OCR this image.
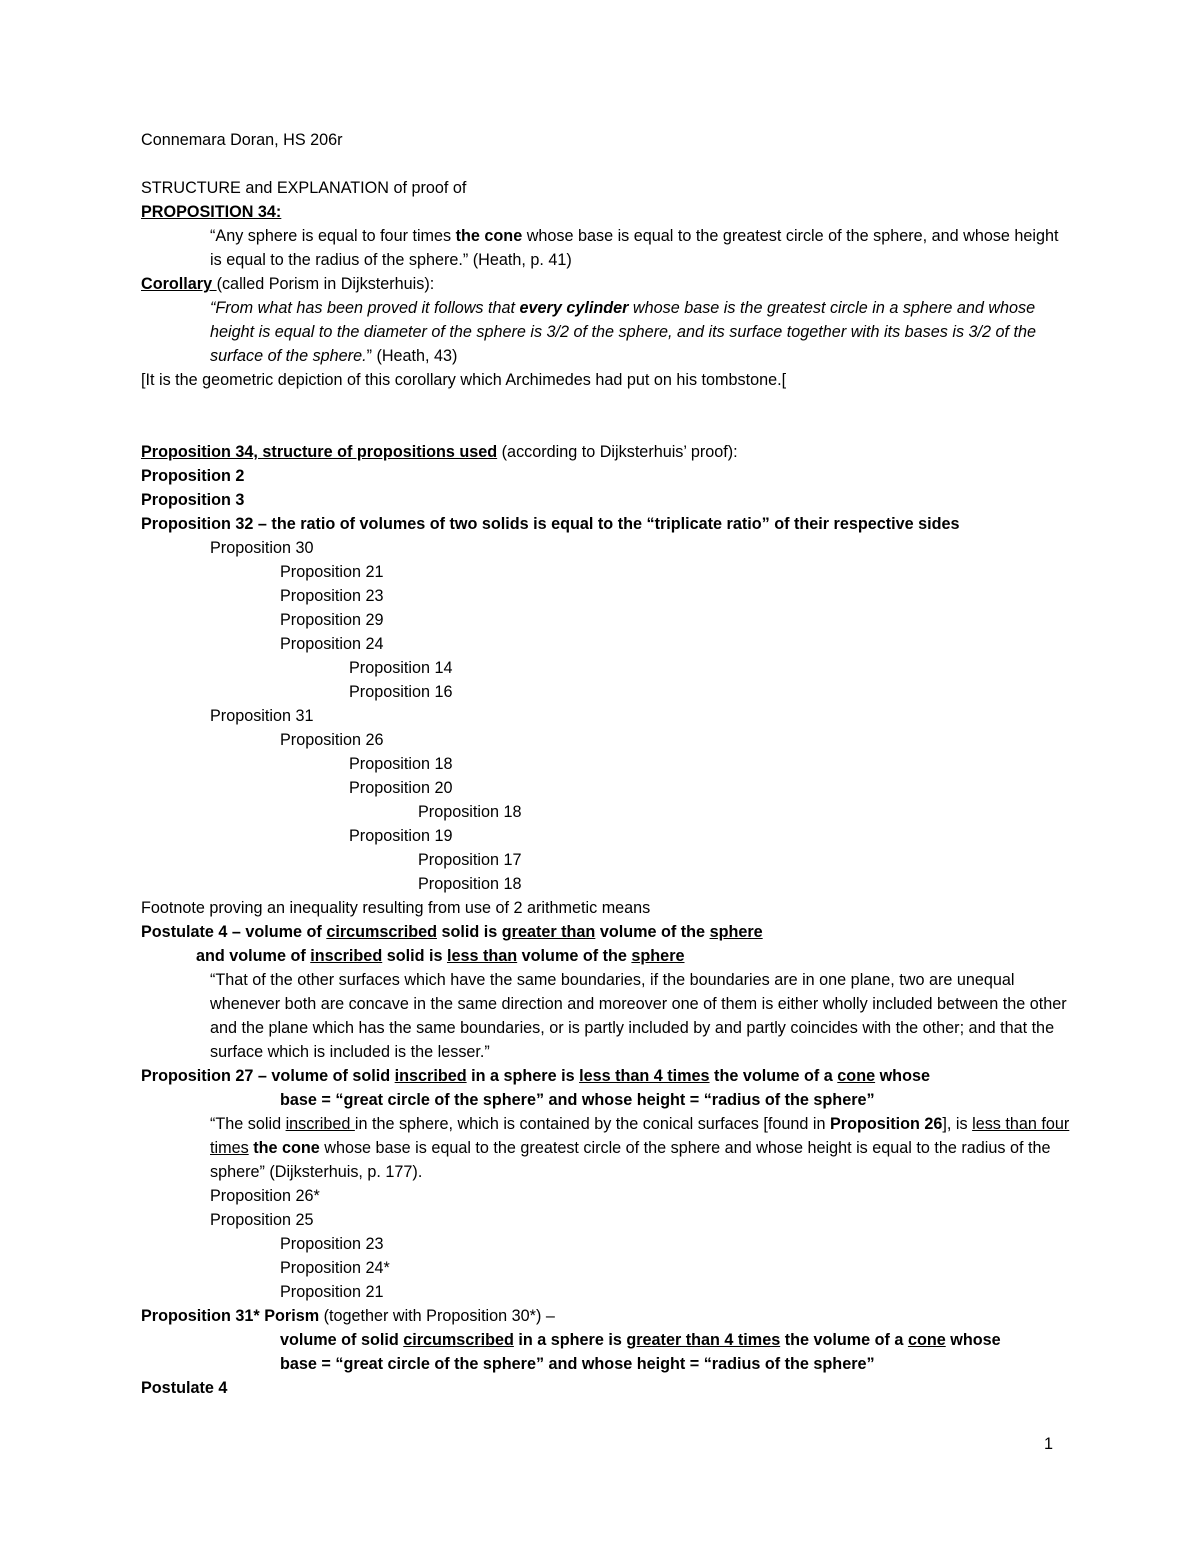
Connemara Doran, HS 206r
STRUCTURE and EXPLANATION of proof of
PROPOSITION 34:
“Any sphere is equal to four times the cone whose base is equal to the greatest circle of the sphere, and whose height is equal to the radius of the sphere.” (Heath, p. 41)
Corollary (called Porism in Dijksterhuis):
“From what has been proved it follows that every cylinder whose base is the greatest circle in a sphere and whose height is equal to the diameter of the sphere is 3/2 of the sphere, and its surface together with its bases is 3/2 of the surface of the sphere.” (Heath, 43)
[It is the geometric depiction of this corollary which Archimedes had put on his tombstone.[
Proposition 34, structure of propositions used (according to Dijksterhuis’ proof):
Proposition 2
Proposition 3
Proposition 32 – the ratio of volumes of two solids is equal to the “triplicate ratio” of their respective sides
Proposition 30
Proposition 21
Proposition 23
Proposition 29
Proposition 24
Proposition 14
Proposition 16
Proposition 31
Proposition 26
Proposition 18
Proposition 20
Proposition 18
Proposition 19
Proposition 17
Proposition 18
Footnote proving an inequality resulting from use of 2 arithmetic means
Postulate 4 – volume of circumscribed solid is greater than volume of the sphere
and volume of inscribed solid is less than volume of the sphere
“That of the other surfaces which have the same boundaries, if the boundaries are in one plane, two are unequal whenever both are concave in the same direction and moreover one of them is either wholly included between the other and the plane which has the same boundaries, or is partly included by and partly coincides with the other; and that the surface which is included is the lesser.”
Proposition 27 – volume of solid inscribed in a sphere is less than 4 times the volume of a cone whose
base = “great circle of the sphere” and whose height = “radius of the sphere”
“The solid inscribed in the sphere, which is contained by the conical surfaces [found in Proposition 26], is less than four times the cone whose base is equal to the greatest circle of the sphere and whose height is equal to the radius of the sphere” (Dijksterhuis, p. 177).
Proposition 26*
Proposition 25
Proposition 23
Proposition 24*
Proposition 21
Proposition 31* Porism (together with Proposition 30*) –
volume of solid circumscribed in a sphere is greater than 4 times the volume of a cone whose
base = “great circle of the sphere” and whose height = “radius of the sphere”
Postulate 4
1
